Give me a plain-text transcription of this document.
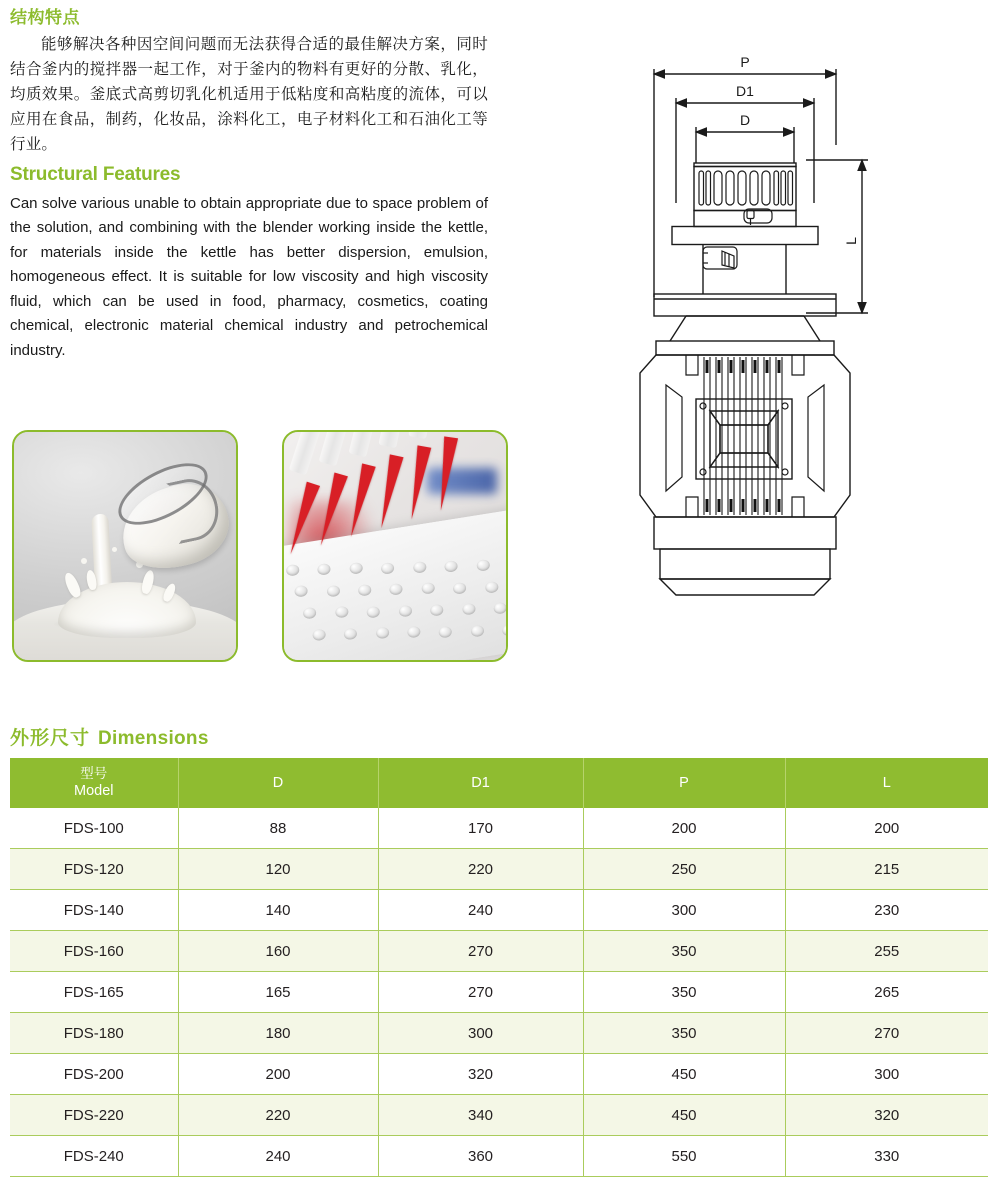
结构特点

能够解决各种因空间问题而无法获得合适的最佳解决方案，同时结合釜内的搅拌器一起工作，对于釜内的物料有更好的分散、乳化，均质效果。釜底式高剪切乳化机适用于低粘度和高粘度的流体，可以应用在食品，制药，化妆品，涂料化工，电子材料化工和石油化工等行业。

Structural Features

Can solve various unable to obtain appropriate due to space problem of the solution, and combining with the blender working inside the kettle, for materials inside the kettle has better dispersion, emulsion, homogeneous effect. It is suitable for low viscosity and high viscosity fluid, which can be used in food, pharmacy, cosmetics, coating chemical, electronic material chemical industry and petrochemical industry.

P
D1
D
L
外形尺寸 Dimensions
型号
Model	D	D1	P	L

FDS-100	88	170	200	200
FDS-120	120	220	250	215
FDS-140	140	240	300	230
FDS-160	160	270	350	255
FDS-165	165	270	350	265
FDS-180	180	300	350	270
FDS-200	200	320	450	300
FDS-220	220	340	450	320
FDS-240	240	360	550	330
